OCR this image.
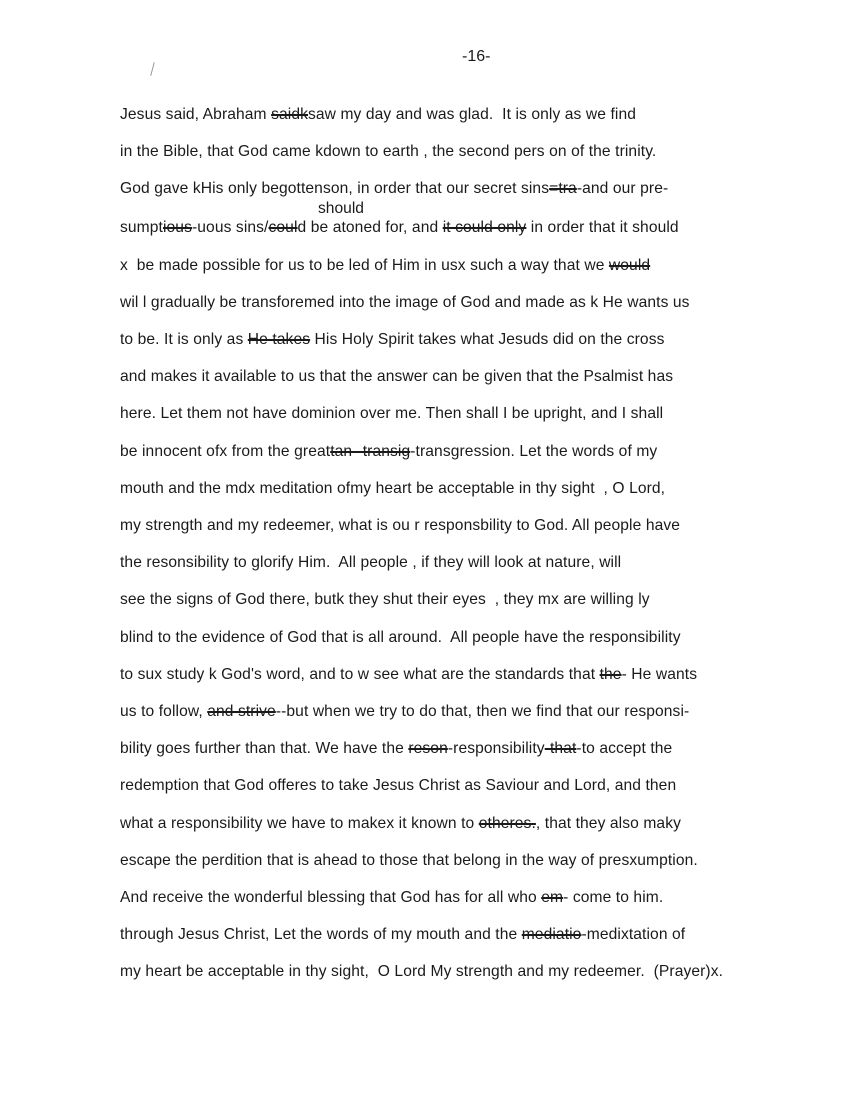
-16-
should
Jesus said, Abraham saidksaw my day and was glad.  It is only as we find
in the Bible, that God came kdown to earth , the second pers on of the trinity.
God gave kHis only begottenson, in order that our secret sins=tra-and our pre-
sumptious-uous sins/could be atoned for, and it could only in order that it should
x  be made possible for us to be led of Him in usx such a way that we would
wil l gradually be transforemed into the image of God and made as k He wants us
to be. It is only as He takes His Holy Spirit takes what Jesuds did on the cross
and makes it available to us that the answer can be given that the Psalmist has
here. Let them not have dominion over me. Then shall I be upright, and I shall
be innocent ofx from the greattan--transig-transgression. Let the words of my
mouth and the mdx meditation ofmy heart be acceptable in thy sight  , O Lord,
my strength and my redeemer, what is ou r responsbility to God. All people have
the resonsibility to glorify Him.  All people , if they will look at nature, will
see the signs of God there, butk they shut their eyes  , they mx are willing ly
blind to the evidence of God that is all around.  All people have the responsibility
to sux study k God's word, and to w see what are the standards that the- He wants
us to follow, and strive--but when we try to do that, then we find that our responsi-
bility goes further than that. We have the reson-responsibility-that-to accept the
redemption that God offeres to take Jesus Christ as Saviour and Lord, and then
what a responsibility we have to makex it known to otheres., that they also maky
escape the perdition that is ahead to those that belong in the way of presxumption.
And receive the wonderful blessing that God has for all who em- come to him.
through Jesus Christ, Let the words of my mouth and the mediatio-medixtation of
my heart be acceptable in thy sight,  O Lord My strength and my redeemer.  (Prayer)x.
